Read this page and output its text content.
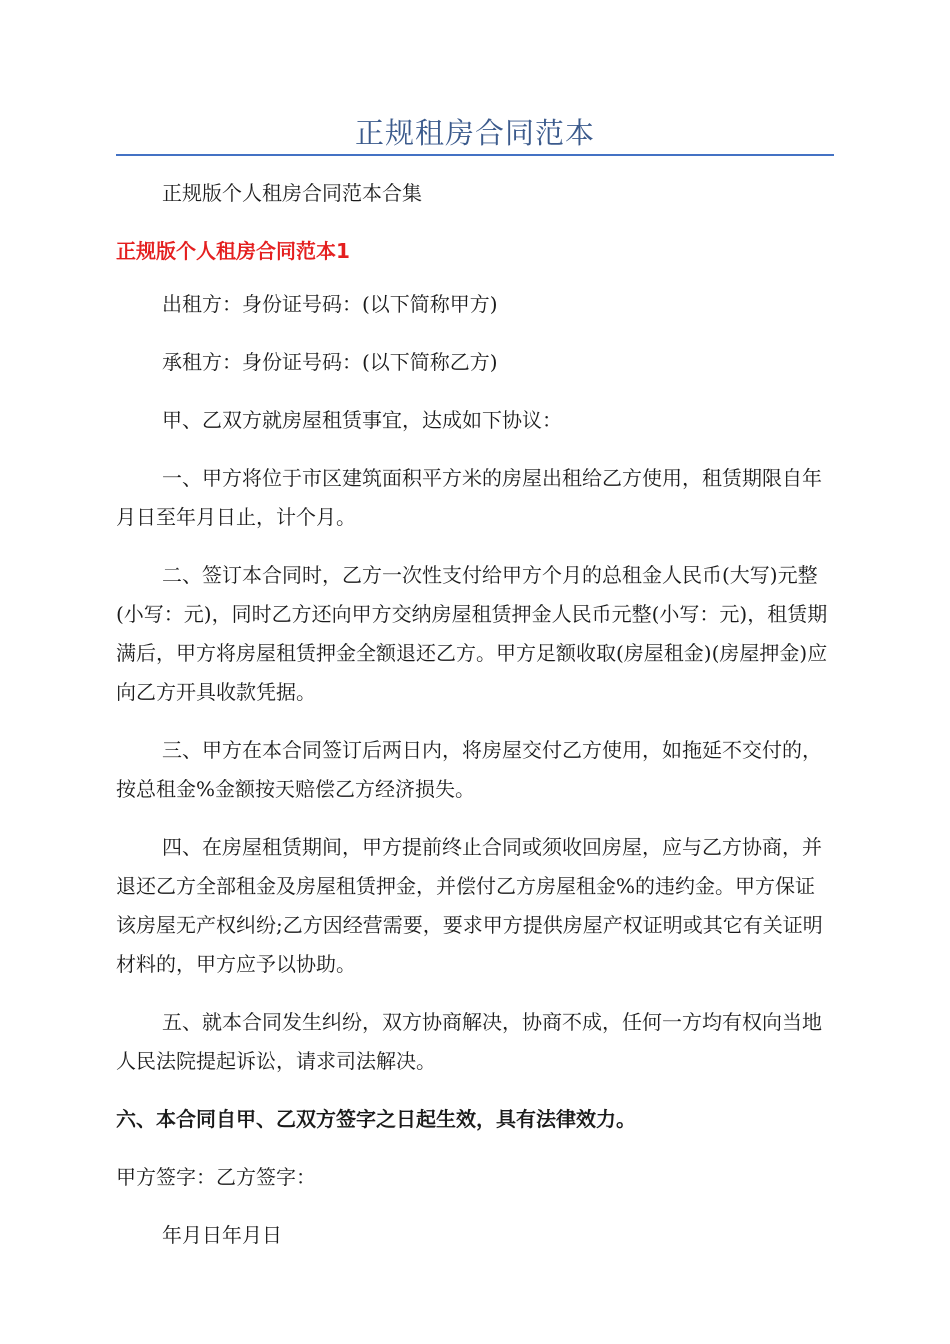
正规租房合同范本

正规版个人租房合同范本合集

正规版个人租房合同范本1

出租方：身份证号码：(以下简称甲方)

承租方：身份证号码：(以下简称乙方)

甲、乙双方就房屋租赁事宜，达成如下协议：

一、甲方将位于市区建筑面积平方米的房屋出租给乙方使用，租赁期限自年月日至年月日止，计个月。

二、签订本合同时，乙方一次性支付给甲方个月的总租金人民币(大写)元整(小写：元)，同时乙方还向甲方交纳房屋租赁押金人民币元整(小写：元)，租赁期满后，甲方将房屋租赁押金全额退还乙方。甲方足额收取(房屋租金)(房屋押金)应向乙方开具收款凭据。

三、甲方在本合同签订后两日内，将房屋交付乙方使用，如拖延不交付的，按总租金%金额按天赔偿乙方经济损失。

四、在房屋租赁期间，甲方提前终止合同或须收回房屋，应与乙方协商，并退还乙方全部租金及房屋租赁押金，并偿付乙方房屋租金%的违约金。甲方保证该房屋无产权纠纷;乙方因经营需要，要求甲方提供房屋产权证明或其它有关证明材料的，甲方应予以协助。

五、就本合同发生纠纷，双方协商解决，协商不成，任何一方均有权向当地人民法院提起诉讼，请求司法解决。

六、本合同自甲、乙双方签字之日起生效，具有法律效力。

甲方签字：乙方签字：

年月日年月日
